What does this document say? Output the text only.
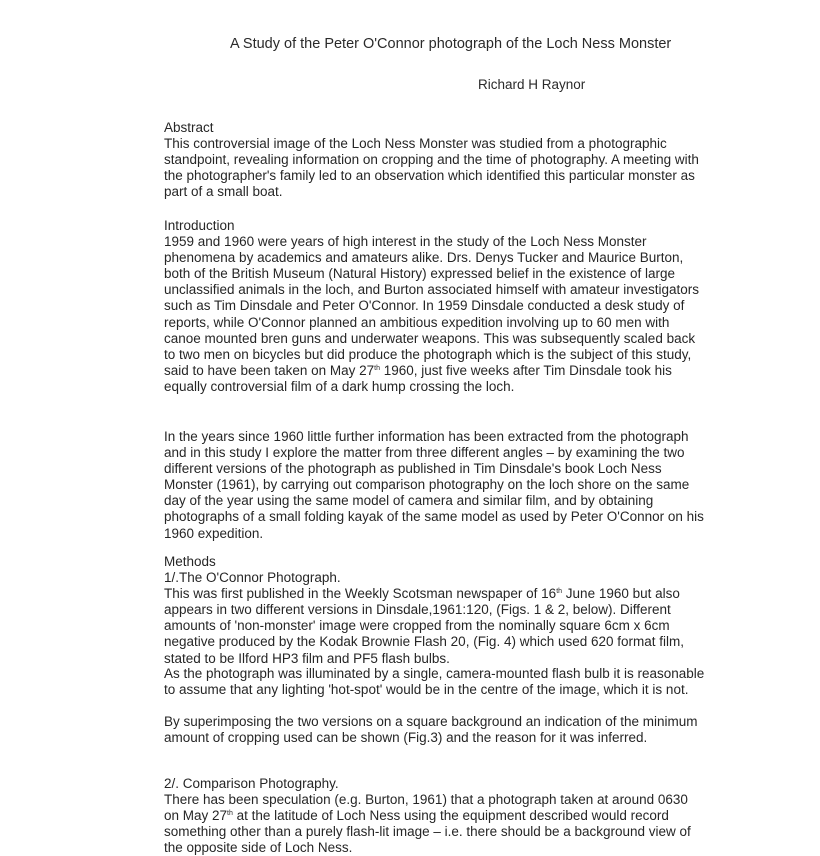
A Study of the Peter O'Connor photograph of the Loch Ness Monster
Richard H Raynor
Abstract
This controversial image of the Loch Ness Monster was studied from a photographic
standpoint, revealing information on cropping and the time of photography. A meeting with
the photographer's family led to an observation which identified this particular monster as
part of a small boat.
Introduction
1959 and 1960 were years of high interest in the study of the Loch Ness Monster
phenomena by academics and amateurs alike. Drs. Denys Tucker and Maurice Burton,
both of the British Museum (Natural History) expressed belief in the existence of large
unclassified animals in the loch, and Burton associated himself with amateur investigators
such as Tim Dinsdale and Peter O'Connor. In 1959 Dinsdale conducted a desk study of
reports, while O'Connor planned an ambitious expedition involving up to 60 men with
canoe mounted bren guns and underwater weapons. This was subsequently scaled back
to two men on bicycles but did produce the photograph which is the subject of this study,
said to have been taken on May 27th 1960, just five weeks after Tim Dinsdale took his
equally controversial film of a dark hump crossing the loch.
In the years since 1960 little further information has been extracted from the photograph
and in this study I explore the matter from three different angles – by examining the two
different versions of the photograph as published in Tim Dinsdale's book Loch Ness
Monster (1961), by carrying out comparison photography on the loch shore on the same
day of the year using the same model of camera and similar film, and by obtaining
photographs of a small folding kayak of the same model as used by Peter O'Connor on his
1960 expedition.
Methods
1/.The O'Connor Photograph.
This was first published in the Weekly Scotsman newspaper of 16th June 1960 but also
appears in two different versions in Dinsdale,1961:120, (Figs. 1 & 2, below). Different
amounts of 'non-monster' image were cropped from the nominally square 6cm x 6cm
negative produced by the Kodak Brownie Flash 20, (Fig. 4) which used 620 format film,
stated to be Ilford HP3 film and PF5 flash bulbs.
As the photograph was illuminated by a single, camera-mounted flash bulb it is reasonable
to assume that any lighting 'hot-spot' would be in the centre of the image, which it is not.
By superimposing the two versions on a square background an indication of the minimum
amount of cropping used can be shown (Fig.3) and the reason for it was inferred.
2/. Comparison Photography.
There has been speculation (e.g. Burton, 1961) that a photograph taken at around 0630
on May 27th at the latitude of Loch Ness using the equipment described would record
something other than a purely flash-lit image – i.e. there should be a background view of
the opposite side of Loch Ness.
